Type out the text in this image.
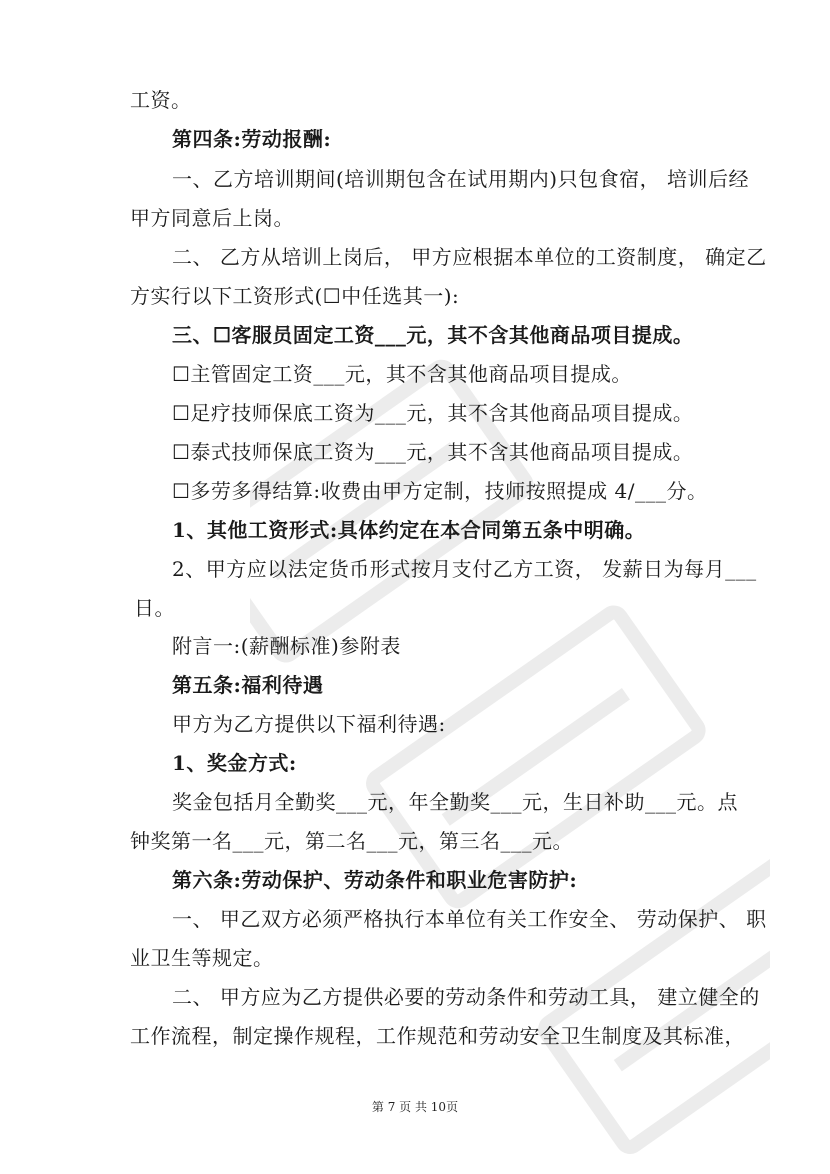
工资。
第四条:劳动报酬:
一、乙方培训期间(培训期包含在试用期内)只包食宿， 培训后经
甲方同意后上岗。
二、 乙方从培训上岗后， 甲方应根据本单位的工资制度， 确定乙
方实行以下工资形式(☐中任选其一):
三、☐客服员固定工资___元，其不含其他商品项目提成。
☐主管固定工资___元，其不含其他商品项目提成。
☐足疗技师保底工资为___元，其不含其他商品项目提成。
☐泰式技师保底工资为___元，其不含其他商品项目提成。
☐多劳多得结算:收费由甲方定制，技师按照提成 4/___分。
1、其他工资形式:具体约定在本合同第五条中明确。
2、甲方应以法定货币形式按月支付乙方工资， 发薪日为每月___
日。
附言一:(薪酬标准)参附表
第五条:福利待遇
甲方为乙方提供以下福利待遇:
1、奖金方式:
奖金包括月全勤奖___元，年全勤奖___元，生日补助___元。点
钟奖第一名___元，第二名___元，第三名___元。
第六条:劳动保护、劳动条件和职业危害防护:
一、 甲乙双方必须严格执行本单位有关工作安全、 劳动保护、 职
业卫生等规定。
二、 甲方应为乙方提供必要的劳动条件和劳动工具， 建立健全的
工作流程，制定操作规程，工作规范和劳动安全卫生制度及其标准，
第 7 页 共 10页
